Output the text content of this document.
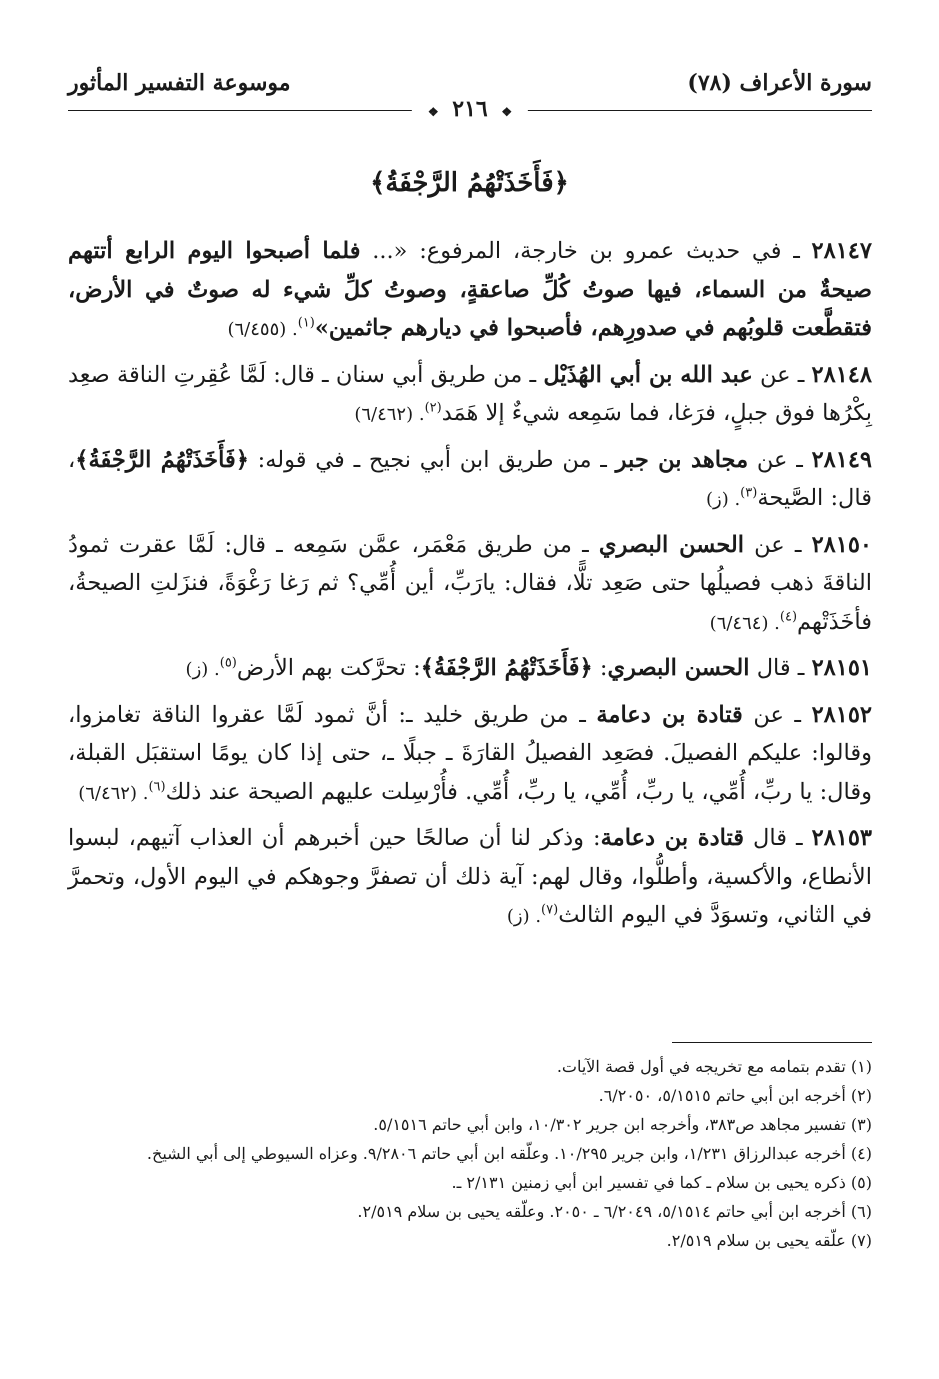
سورة الأعراف (٧٨)
موسوعة التفسير المأثور
❖ ٢١٦ ❖
﴿فَأَخَذَتْهُمُ الرَّجْفَةُ﴾

٢٨١٤٧ ـ في حديث عمرو بن خارجة، المرفوع: «... فلما أصبحوا اليوم الرابع أتتهم صيحةٌ من السماء، فيها صوتُ كُلِّ صاعقةٍ، وصوتُ كلِّ شيء له صوتٌ في الأرض، فتقطَّعت قلوبُهم في صدورِهم، فأصبحوا في ديارهم جاثمين»$^{(١)}$. (٦/٤٥٥)

٢٨١٤٨ ـ عن عبد الله بن أبي الهُذَيْل ـ من طريق أبي سنان ـ قال: لَمَّا عُقِرتِ الناقة صعِد بِكْرُها فوق جبلٍ، فرَغا، فما سَمِعه شيءٌ إلا هَمَد$^{(٢)}$. (٦/٤٦٢)

٢٨١٤٩ ـ عن مجاهد بن جبر ـ من طريق ابن أبي نجيح ـ في قوله: ﴿فَأَخَذَتْهُمُ الرَّجْفَةُ﴾، قال: الصَّيحة$^{(٣)}$. (ز)

٢٨١٥٠ ـ عن الحسن البصري ـ من طريق مَعْمَر، عمَّن سَمِعه ـ قال: لَمَّا عقرت ثمودُ الناقةَ ذهب فصيلُها حتى صَعِد تلًّا، فقال: يارَبِّ، أين أُمِّي؟ ثم رَغا رَغْوَةً، فنزَلتِ الصيحةُ، فأخَذَتْهم$^{(٤)}$. (٦/٤٦٤)

٢٨١٥١ ـ قال الحسن البصري: ﴿فَأَخَذَتْهُمُ الرَّجْفَةُ﴾: تحرَّكت بهم الأرض$^{(٥)}$. (ز)

٢٨١٥٢ ـ عن قتادة بن دعامة ـ من طريق خليد ـ: أنَّ ثمود لَمَّا عقروا الناقة تغامزوا، وقالوا: عليكم الفصيلَ. فصَعِد الفصيلُ القارَةَ ـ جبلًا ـ، حتى إذا كان يومًا استقبَل القبلة، وقال: يا ربِّ، أُمِّي، يا ربِّ، أُمِّي، يا ربِّ، أُمِّي. فأُرْسِلت عليهم الصيحة عند ذلك$^{(٦)}$. (٦/٤٦٢)

٢٨١٥٣ ـ قال قتادة بن دعامة: وذكر لنا أن صالحًا حين أخبرهم أن العذاب آتيهم، لبسوا الأنطاع، والأكسية، وأطلُّوا، وقال لهم: آية ذلك أن تصفرَّ وجوهكم في اليوم الأول، وتحمرَّ في الثاني، وتسوَدَّ في اليوم الثالث$^{(٧)}$. (ز)

(١) تقدم بتمامه مع تخريجه في أول قصة الآيات.

(٢) أخرجه ابن أبي حاتم ٥/١٥١٥، ٦/٢٠٥٠.

(٣) تفسير مجاهد ص٣٨٣، وأخرجه ابن جرير ١٠/٣٠٢، وابن أبي حاتم ٥/١٥١٦.

(٤) أخرجه عبدالرزاق ١/٢٣١، وابن جرير ١٠/٢٩٥. وعلّقه ابن أبي حاتم ٩/٢٨٠٦. وعزاه السيوطي إلى أبي الشيخ.

(٥) ذكره يحيى بن سلام ـ كما في تفسير ابن أبي زمنين ٢/١٣١ ـ.

(٦) أخرجه ابن أبي حاتم ٥/١٥١٤، ٦/٢٠٤٩ ـ ٢٠٥٠. وعلّقه يحيى بن سلام ٢/٥١٩.

(٧) علّقه يحيى بن سلام ٢/٥١٩.
